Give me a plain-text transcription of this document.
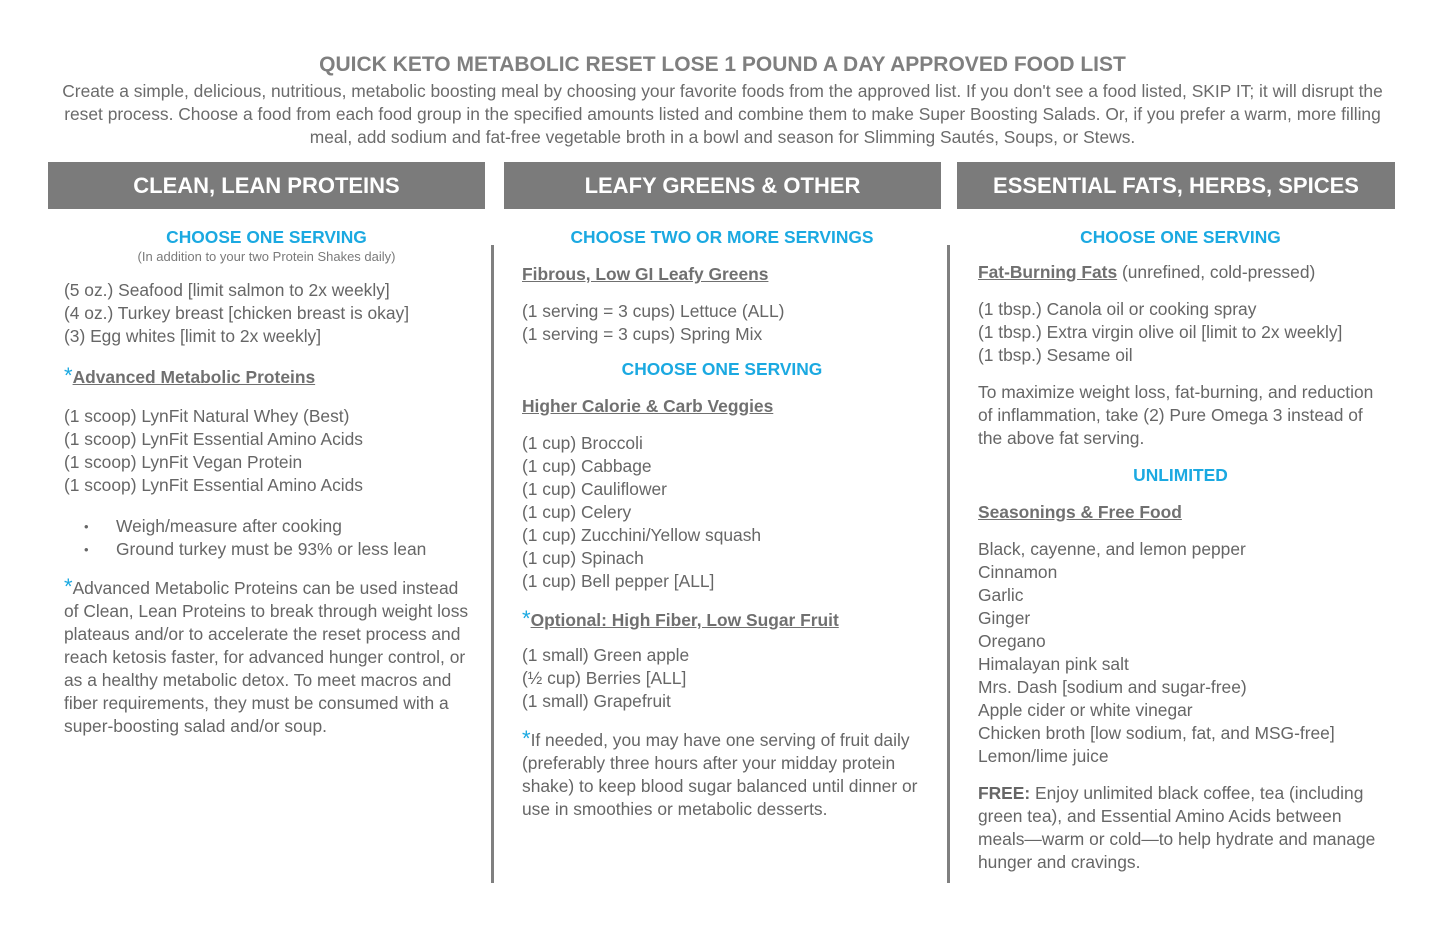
QUICK KETO METABOLIC RESET LOSE 1 POUND A DAY APPROVED FOOD LIST

Create a simple, delicious, nutritious, metabolic boosting meal by choosing your favorite foods from the approved list. If you don't see a food listed, SKIP IT; it will disrupt the reset process. Choose a food from each food group in the specified amounts listed and combine them to make Super Boosting Salads. Or, if you prefer a warm, more filling meal, add sodium and fat-free vegetable broth in a bowl and season for Slimming Sautés, Soups, or Stews.

CLEAN, LEAN PROTEINS	LEAFY GREENS & OTHER	ESSENTIAL FATS, HERBS, SPICES
CHOOSE ONE SERVING
(In addition to your two Protein Shakes daily)
(5 oz.) Seafood [limit salmon to 2x weekly]
(4 oz.) Turkey breast [chicken breast is okay]
(3) Egg whites [limit to 2x weekly]
*Advanced Metabolic Proteins
(1 scoop) LynFit Natural Whey (Best)
(1 scoop) LynFit Essential Amino Acids
(1 scoop) LynFit Vegan Protein
(1 scoop) LynFit Essential Amino Acids
• Weigh/measure after cooking
• Ground turkey must be 93% or less lean

*Advanced Metabolic Proteins can be used instead of Clean, Lean Proteins to break through weight loss plateaus and/or to accelerate the reset process and reach ketosis faster, for advanced hunger control, or as a healthy metabolic detox. To meet macros and fiber requirements, they must be consumed with a super-boosting salad and/or soup.

CHOOSE TWO OR MORE SERVINGS
Fibrous, Low GI Leafy Greens
(1 serving = 3 cups) Lettuce (ALL)
(1 serving = 3 cups) Spring Mix
CHOOSE ONE SERVING
Higher Calorie & Carb Veggies
(1 cup) Broccoli
(1 cup) Cabbage
(1 cup) Cauliflower
(1 cup) Celery
(1 cup) Zucchini/Yellow squash
(1 cup) Spinach
(1 cup) Bell pepper [ALL]
*Optional: High Fiber, Low Sugar Fruit
(1 small) Green apple
(½ cup) Berries [ALL]
(1 small) Grapefruit

*If needed, you may have one serving of fruit daily (preferably three hours after your midday protein shake) to keep blood sugar balanced until dinner or use in smoothies or metabolic desserts.

CHOOSE ONE SERVING
Fat-Burning Fats (unrefined, cold-pressed)
(1 tbsp.) Canola oil or cooking spray
(1 tbsp.) Extra virgin olive oil [limit to 2x weekly]
(1 tbsp.) Sesame oil

To maximize weight loss, fat-burning, and reduction of inflammation, take (2) Pure Omega 3 instead of the above fat serving.

UNLIMITED
Seasonings & Free Food
Black, cayenne, and lemon pepper
Cinnamon
Garlic
Ginger
Oregano
Himalayan pink salt
Mrs. Dash [sodium and sugar-free)
Apple cider or white vinegar
Chicken broth [low sodium, fat, and MSG-free]
Lemon/lime juice

FREE: Enjoy unlimited black coffee, tea (including green tea), and Essential Amino Acids between meals—warm or cold—to help hydrate and manage hunger and cravings.
